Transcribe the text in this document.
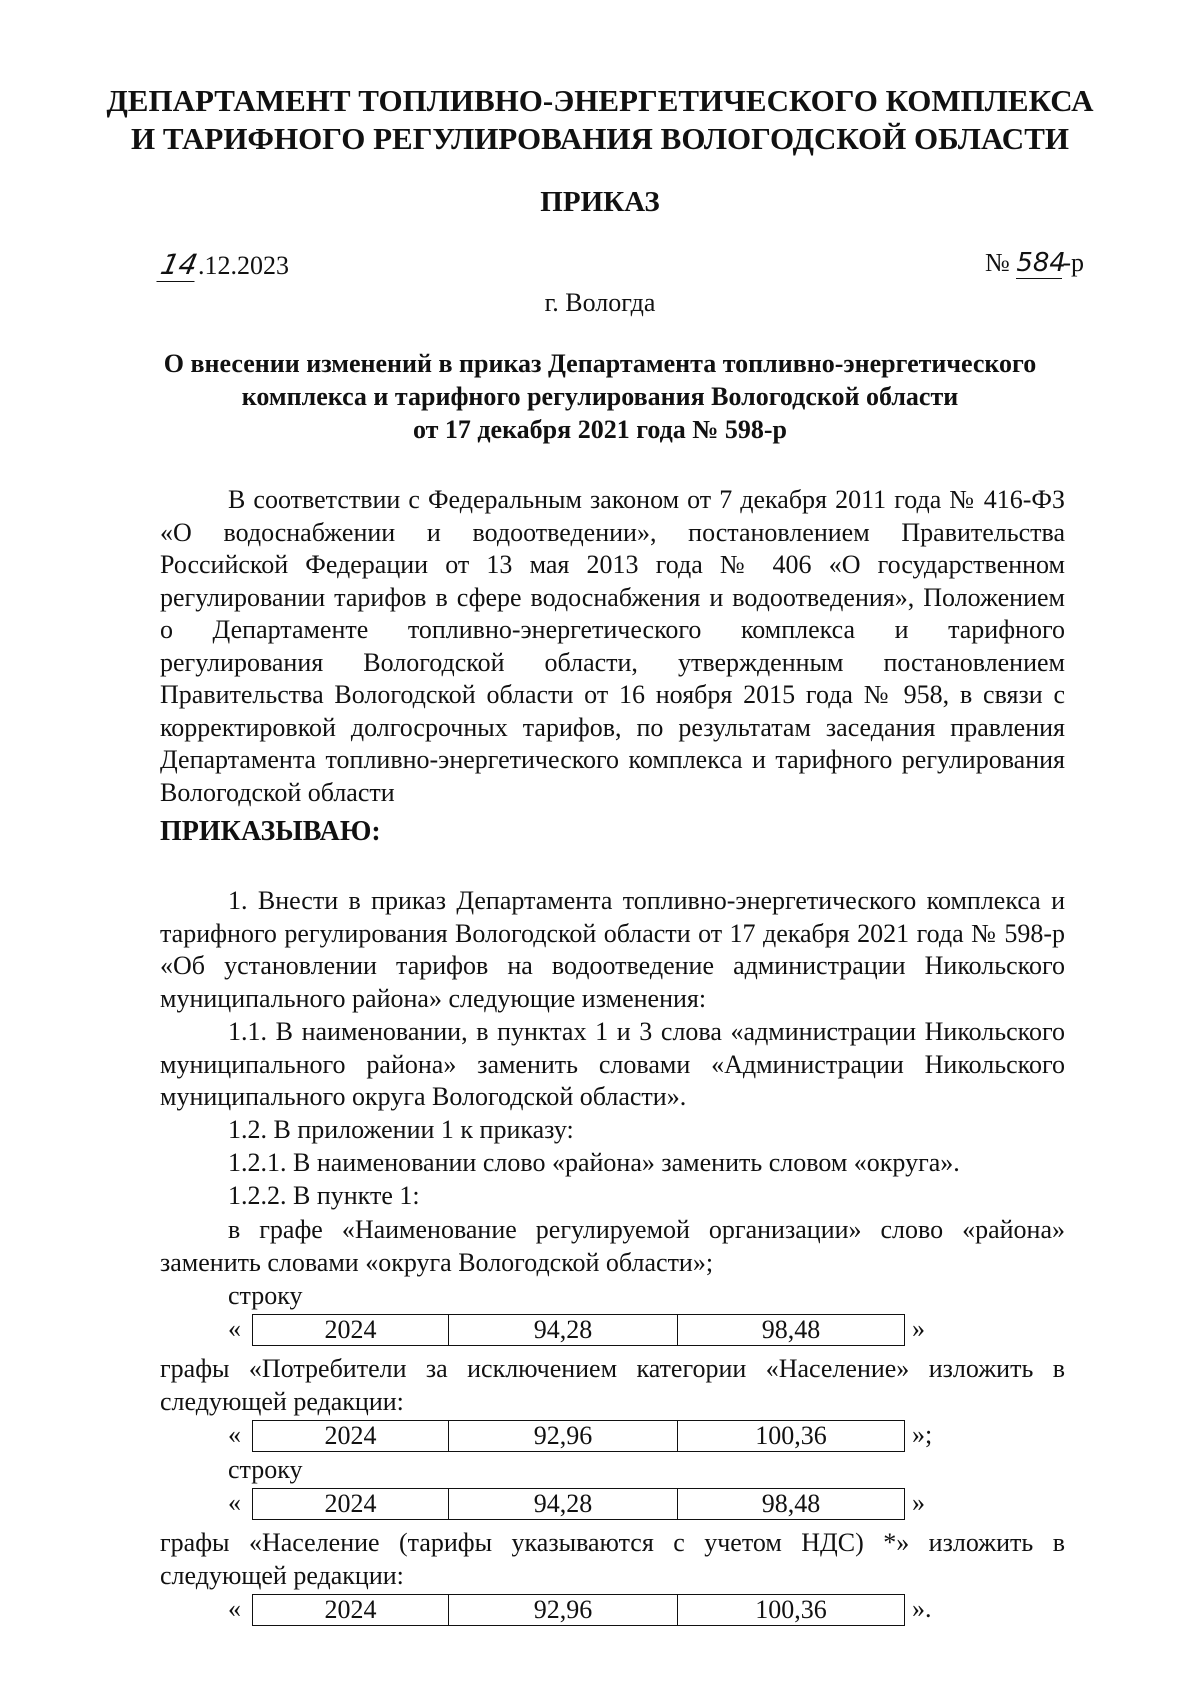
ДЕПАРТАМЕНТ ТОПЛИВНО-ЭНЕРГЕТИЧЕСКОГО КОМПЛЕКСА
И ТАРИФНОГО РЕГУЛИРОВАНИЯ ВОЛОГОДСКОЙ ОБЛАСТИ
ПРИКАЗ
14.12.2023	№ 584-р
г. Вологда
О внесении изменений в приказ Департамента топливно-энергетического
комплекса и тарифного регулирования Вологодской области
от 17 декабря 2021 года № 598-р
В соответствии с Федеральным законом от 7 декабря 2011 года № 416-ФЗ «О водоснабжении и водоотведении», постановлением Правительства Российской Федерации от 13 мая 2013 года № 406 «О государственном регулировании тарифов в сфере водоснабжения и водоотведения», Положением о Департаменте топливно-энергетического комплекса и тарифного регулирования Вологодской области, утвержденным постановлением Правительства Вологодской области от 16 ноября 2015 года № 958, в связи с корректировкой долгосрочных тарифов, по результатам заседания правления Департамента топливно-энергетического комплекса и тарифного регулирования Вологодской области
ПРИКАЗЫВАЮ:
1. Внести в приказ Департамента топливно-энергетического комплекса и тарифного регулирования Вологодской области от 17 декабря 2021 года № 598-р «Об установлении тарифов на водоотведение администрации Никольского муниципального района» следующие изменения:
1.1. В наименовании, в пунктах 1 и 3 слова «администрации Никольского муниципального района» заменить словами «Администрации Никольского муниципального округа Вологодской области».
1.2. В приложении 1 к приказу:
1.2.1. В наименовании слово «района» заменить словом «округа».
1.2.2. В пункте 1:
в графе «Наименование регулируемой организации» слово «района» заменить словами «округа Вологодской области»;
строку
«	2024	94,28	98,48	»
графы «Потребители за исключением категории «Население» изложить в следующей редакции:
«	2024	92,96	100,36	»;
строку
«	2024	94,28	98,48	»
графы «Население (тарифы указываются с учетом НДС) *» изложить в следующей редакции:
«	2024	92,96	100,36	».
